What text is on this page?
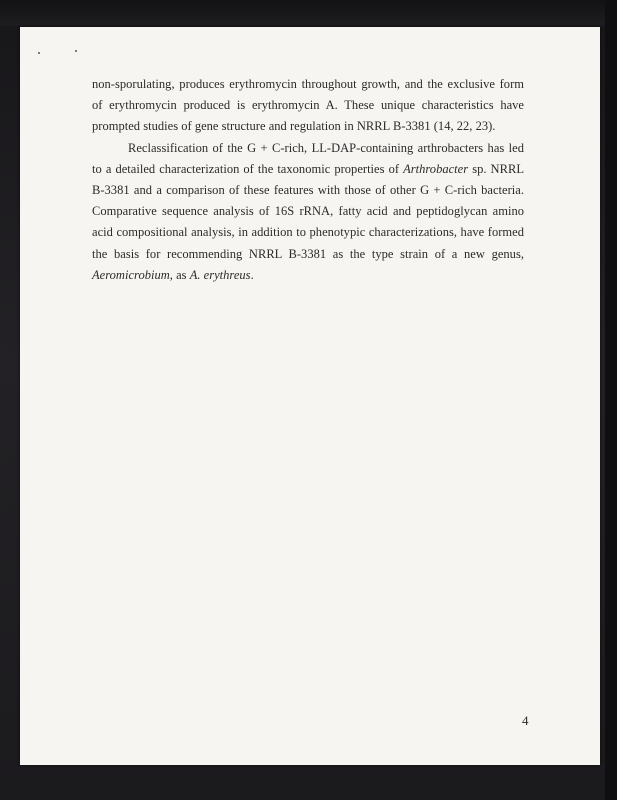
non-sporulating, produces erythromycin throughout growth, and the exclusive form of erythromycin produced is erythromycin A. These unique characteristics have prompted studies of gene structure and regulation in NRRL B-3381 (14, 22, 23).

Reclassification of the G + C-rich, LL-DAP-containing arthrobacters has led to a detailed characterization of the taxonomic properties of Arthrobacter sp. NRRL B-3381 and a comparison of these features with those of other G + C-rich bacteria. Comparative sequence analysis of 16S rRNA, fatty acid and peptidoglycan amino acid compositional analysis, in addition to phenotypic characterizations, have formed the basis for recommending NRRL B-3381 as the type strain of a new genus, Aeromicrobium, as A. erythreus.

4
